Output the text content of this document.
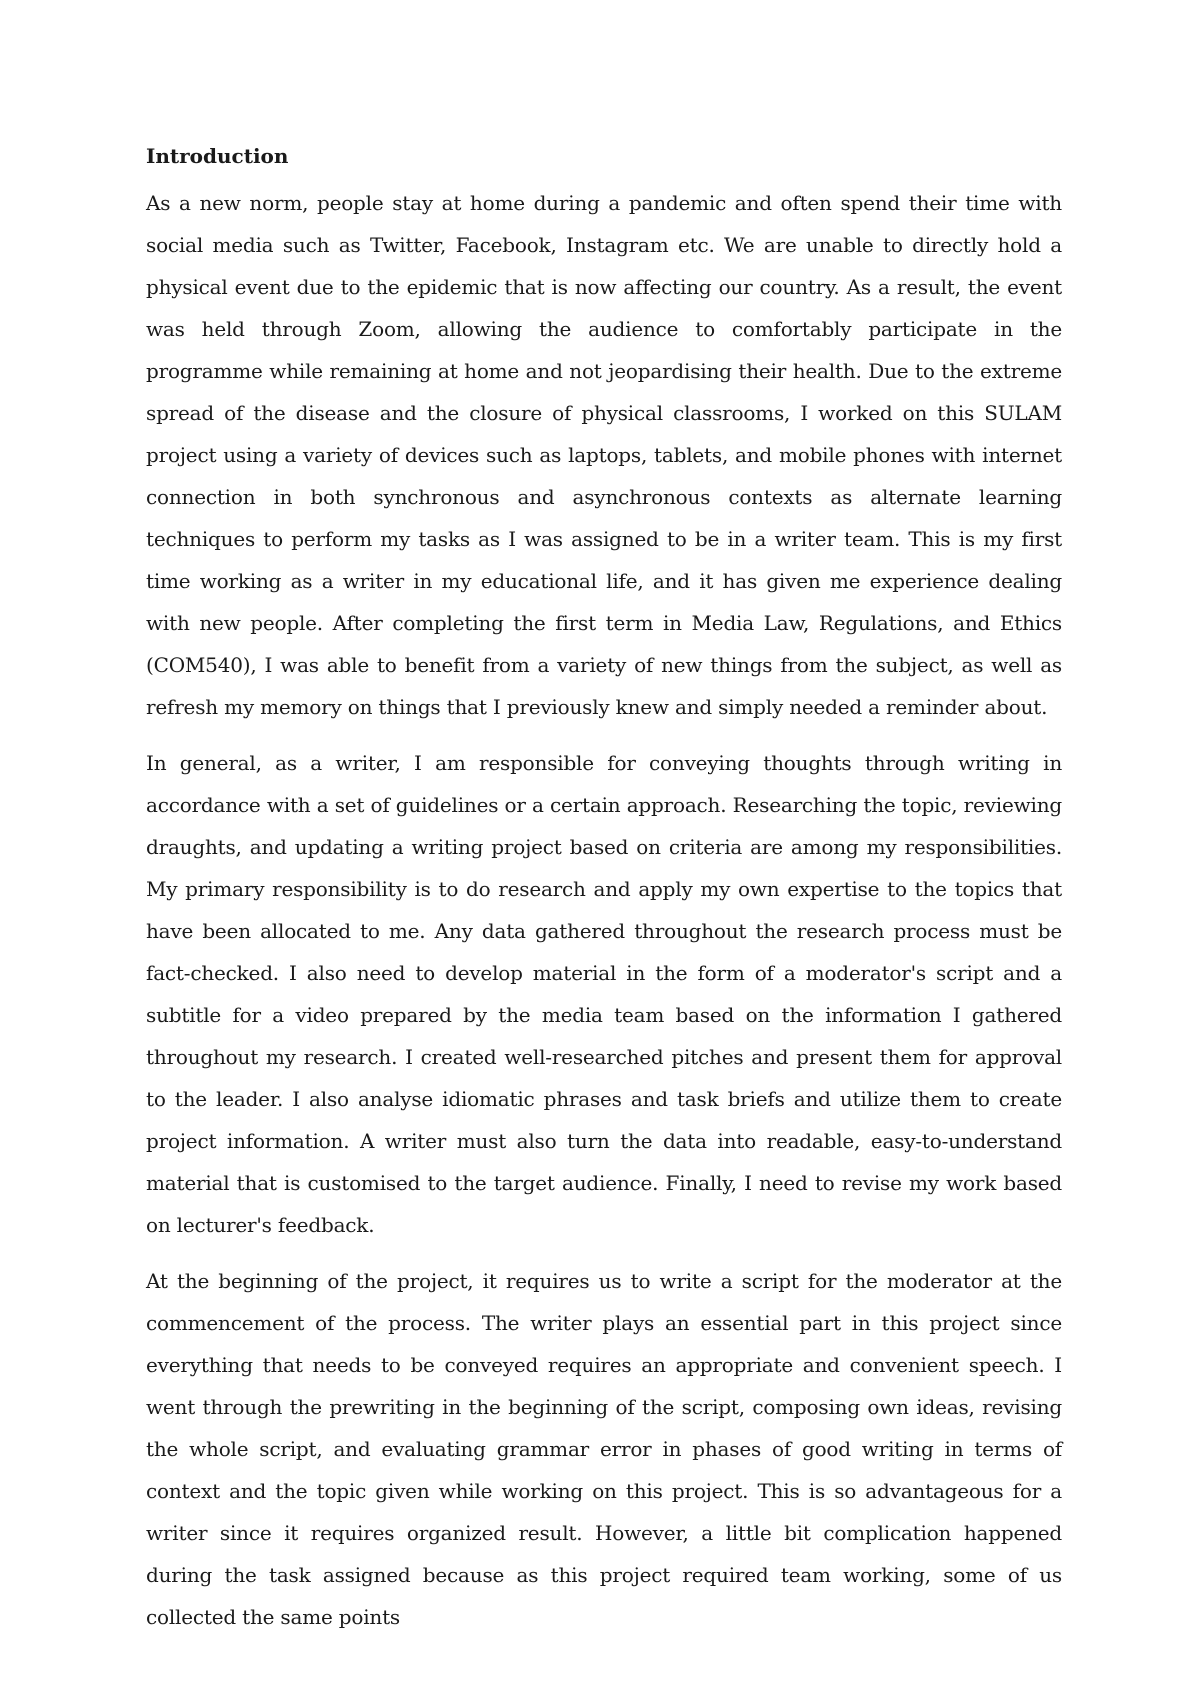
Introduction

As a new norm, people stay at home during a pandemic and often spend their time with social media such as Twitter, Facebook, Instagram etc. We are unable to directly hold a physical event due to the epidemic that is now affecting our country. As a result, the event was held through Zoom, allowing the audience to comfortably participate in the programme while remaining at home and not jeopardising their health. Due to the extreme spread of the disease and the closure of physical classrooms, I worked on this SULAM project using a variety of devices such as laptops, tablets, and mobile phones with internet connection in both synchronous and asynchronous contexts as alternate learning techniques to perform my tasks as I was assigned to be in a writer team. This is my first time working as a writer in my educational life, and it has given me experience dealing with new people. After completing the first term in Media Law, Regulations, and Ethics (COM540), I was able to benefit from a variety of new things from the subject, as well as refresh my memory on things that I previously knew and simply needed a reminder about.

In general, as a writer, I am responsible for conveying thoughts through writing in accordance with a set of guidelines or a certain approach. Researching the topic, reviewing draughts, and updating a writing project based on criteria are among my responsibilities. My primary responsibility is to do research and apply my own expertise to the topics that have been allocated to me. Any data gathered throughout the research process must be fact-checked. I also need to develop material in the form of a moderator's script and a subtitle for a video prepared by the media team based on the information I gathered throughout my research. I created well-researched pitches and present them for approval to the leader. I also analyse idiomatic phrases and task briefs and utilize them to create project information. A writer must also turn the data into readable, easy-to-understand material that is customised to the target audience. Finally, I need to revise my work based on lecturer's feedback.

At the beginning of the project, it requires us to write a script for the moderator at the commencement of the process. The writer plays an essential part in this project since everything that needs to be conveyed requires an appropriate and convenient speech. I went through the prewriting in the beginning of the script, composing own ideas, revising the whole script, and evaluating grammar error in phases of good writing in terms of context and the topic given while working on this project. This is so advantageous for a writer since it requires organized result. However, a little bit complication happened during the task assigned because as this project required team working, some of us collected the same points
